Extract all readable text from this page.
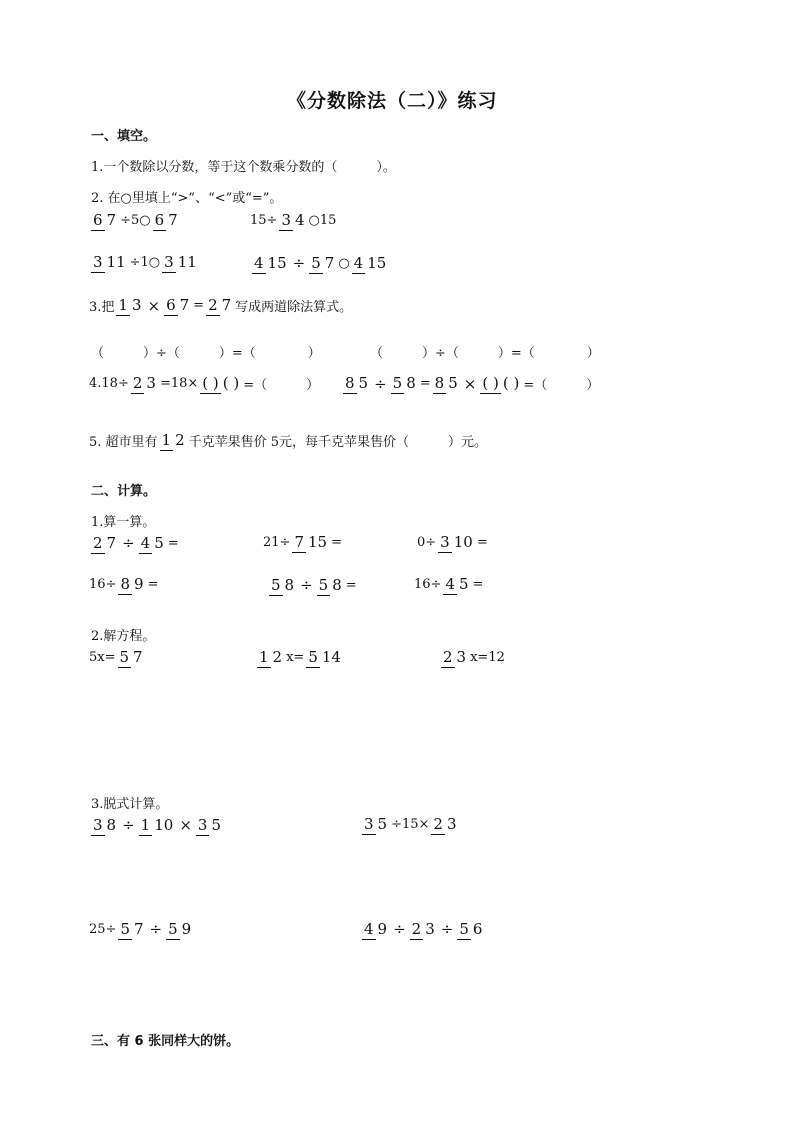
《分数除法（二）》练习
一、填空。
1.一个数除以分数，等于这个数乘分数的（　　　）。
2. 在○里填上“>”、“<”或“=”。
6 7 ÷5○ 6 7	15÷ 3 4 ○15
3 11 ÷1○ 3 11	4 15 ÷ 5 7 ○ 4 15
3.把 1 3 × 6 7 = 2 7 写成两道除法算式。
（　　　）÷（　　　）=（　　　　）	（　　　）÷（　　　）=（　　　　）
4.18÷ 2 3 =18× ( ) ( ) =（　　　） 8 5 ÷ 5 8 = 8 5 × ( ) ( ) =（　　　）
5. 超市里有 1 2 千克苹果售价 5元，每千克苹果售价（　　　）元。
二、计算。
1.算一算。
2 7 ÷ 4 5 =	21÷ 7 15 =	0÷ 3 10 =
16÷ 8 9 =	5 8 ÷ 5 8 =	16÷ 4 5 =
2.解方程。
5x= 5 7	1 2 x= 5 14	2 3 x=12
3.脱式计算。
3 8 ÷ 1 10 × 3 5	3 5 ÷15× 2 3
25÷ 5 7 ÷ 5 9	4 9 ÷ 2 3 ÷ 5 6
三、有 6 张同样大的饼。
